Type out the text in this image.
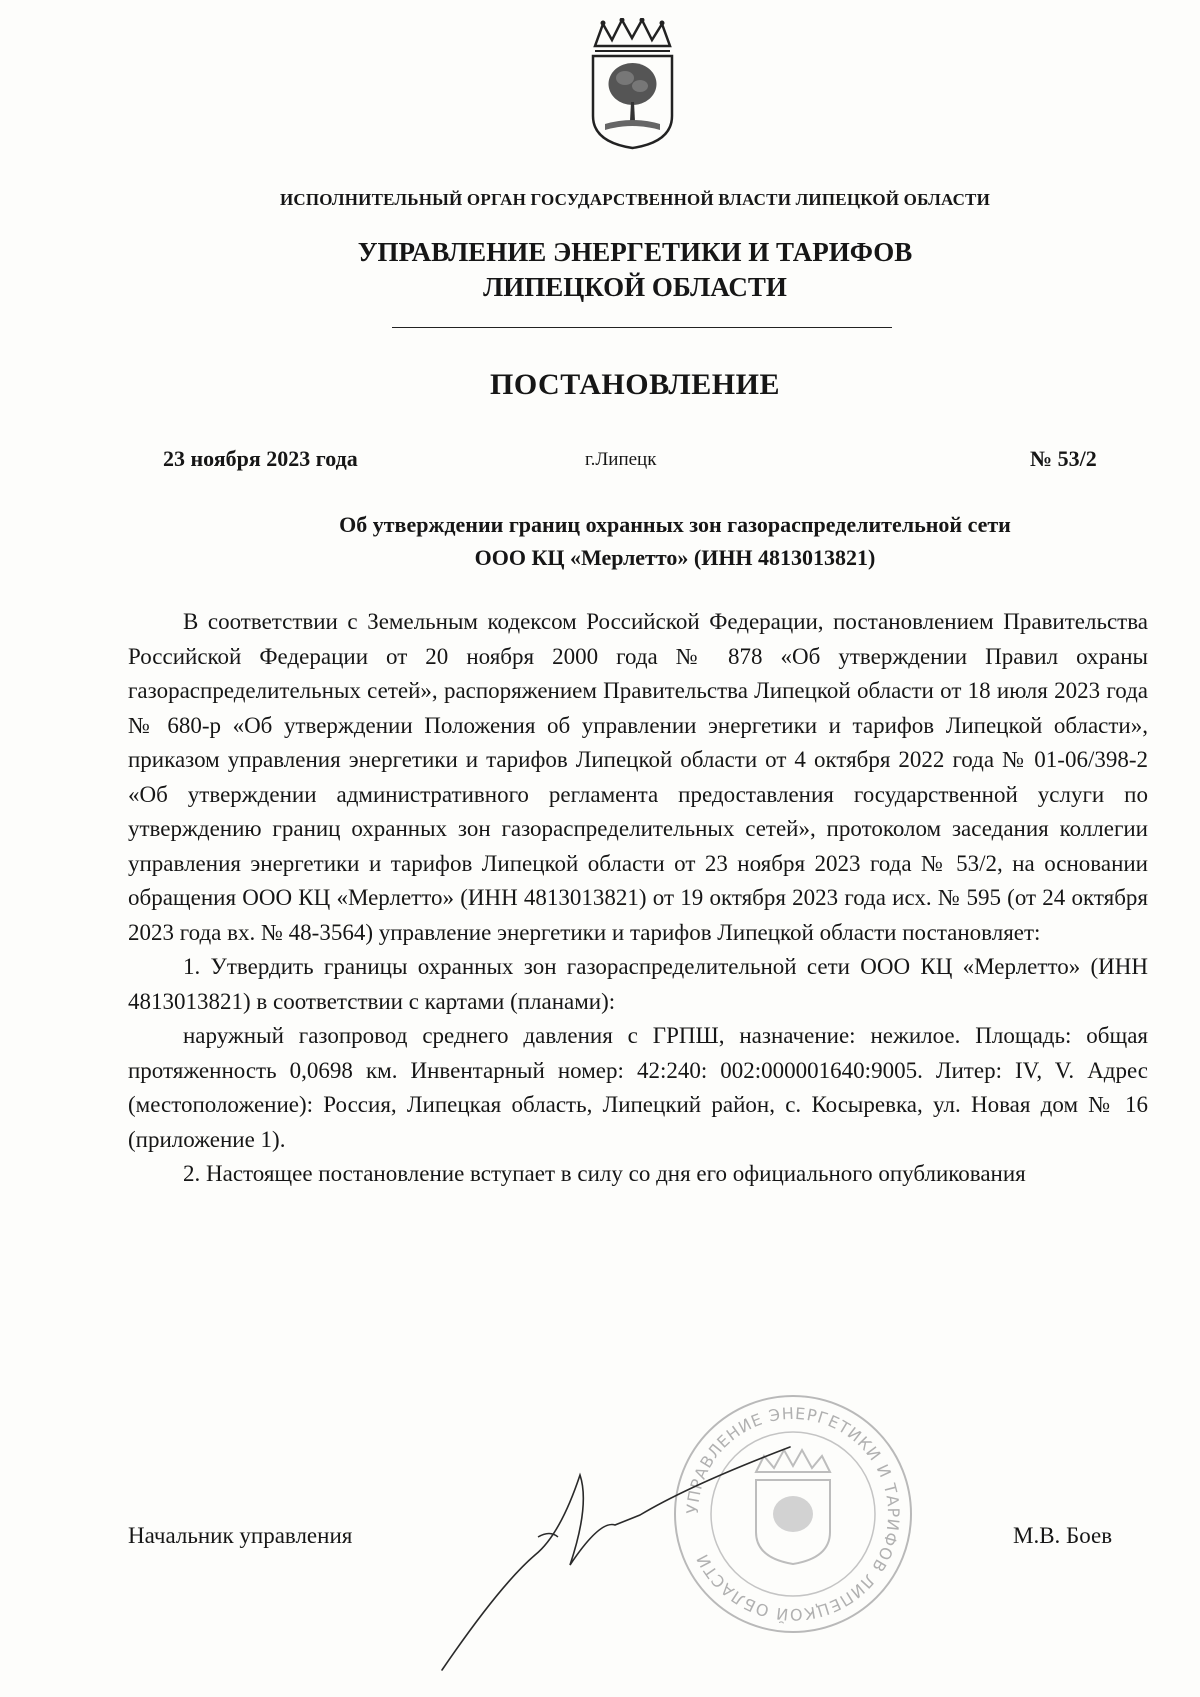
ИСПОЛНИТЕЛЬНЫЙ ОРГАН ГОСУДАРСТВЕННОЙ ВЛАСТИ ЛИПЕЦКОЙ ОБЛАСТИ
УПРАВЛЕНИЕ ЭНЕРГЕТИКИ И ТАРИФОВ
ЛИПЕЦКОЙ ОБЛАСТИ
ПОСТАНОВЛЕНИЕ
23 ноября 2023 года	г.Липецк	№ 53/2
Об утверждении границ охранных зон газораспределительной сети
ООО КЦ «Мерлетто» (ИНН 4813013821)

В соответствии с Земельным кодексом Российской Федерации, постановлением Правительства Российской Федерации от 20 ноября 2000 года № 878 «Об утверждении Правил охраны газораспределительных сетей», распоряжением Правительства Липецкой области от 18 июля 2023 года № 680-р «Об утверждении Положения об управлении энергетики и тарифов Липецкой области», приказом управления энергетики и тарифов Липецкой области от 4 октября 2022 года № 01-06/398-2 «Об утверждении административного регламента предоставления государственной услуги по утверждению границ охранных зон газораспределительных сетей», протоколом заседания коллегии управления энергетики и тарифов Липецкой области от 23 ноября 2023 года № 53/2, на основании обращения ООО КЦ «Мерлетто» (ИНН 4813013821) от 19 октября 2023 года исх. № 595 (от 24 октября 2023 года вх. № 48-3564) управление энергетики и тарифов Липецкой области постановляет:

1. Утвердить границы охранных зон газораспределительной сети ООО КЦ «Мерлетто» (ИНН 4813013821) в соответствии с картами (планами):

наружный газопровод среднего давления с ГРПШ, назначение: нежилое. Площадь: общая протяженность 0,0698 км. Инвентарный номер: 42:240: 002:000001640:9005. Литер: IV, V. Адрес (местоположение): Россия, Липецкая область, Липецкий район, с. Косыревка, ул. Новая дом № 16 (приложение 1).

2. Настоящее постановление вступает в силу со дня его официального опубликования

УПРАВЛЕНИЕ ЭНЕРГЕТИКИ И ТАРИФОВ ЛИПЕЦКОЙ ОБЛАСТИ
Начальник управления	М.В. Боев
